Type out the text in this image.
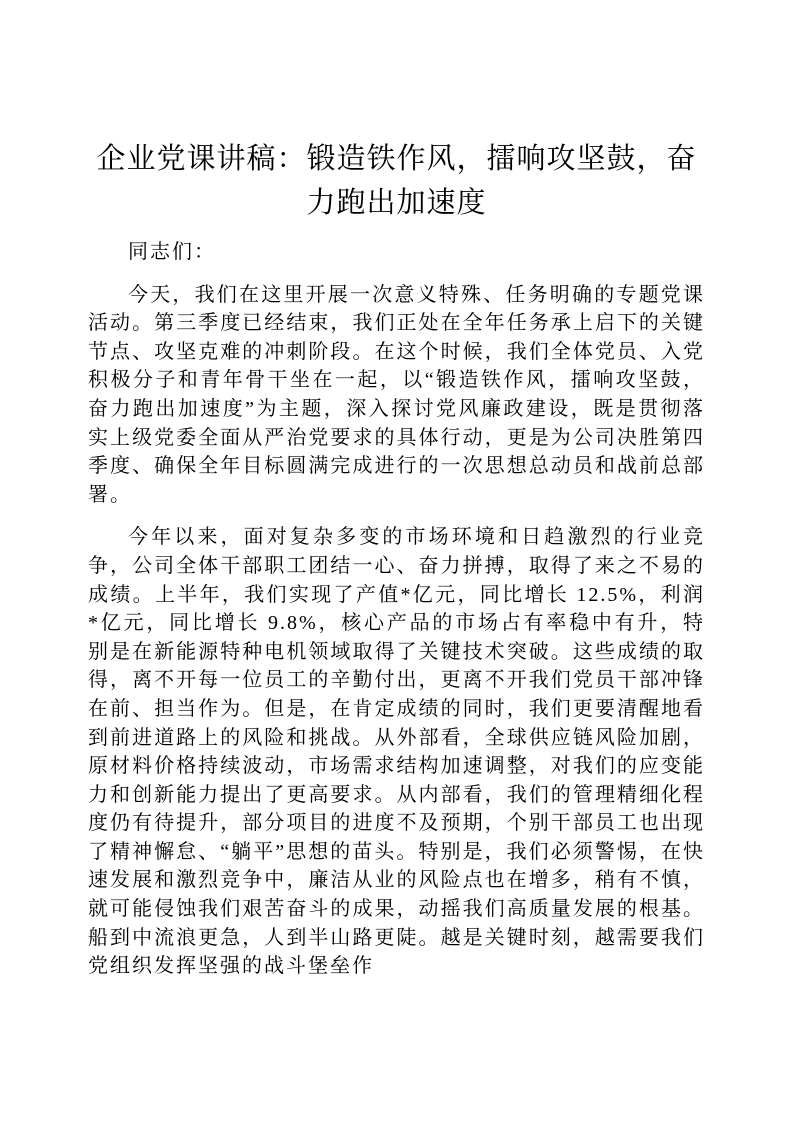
企业党课讲稿：锻造铁作风，擂响攻坚鼓，奋力跑出加速度

同志们：

今天，我们在这里开展一次意义特殊、任务明确的专题党课活动。第三季度已经结束，我们正处在全年任务承上启下的关键节点、攻坚克难的冲刺阶段。在这个时候，我们全体党员、入党积极分子和青年骨干坐在一起，以“锻造铁作风，擂响攻坚鼓，奋力跑出加速度”为主题，深入探讨党风廉政建设，既是贯彻落实上级党委全面从严治党要求的具体行动，更是为公司决胜第四季度、确保全年目标圆满完成进行的一次思想总动员和战前总部署。

今年以来，面对复杂多变的市场环境和日趋激烈的行业竞争，公司全体干部职工团结一心、奋力拼搏，取得了来之不易的成绩。上半年，我们实现了产值*亿元，同比增长 12.5%，利润*亿元，同比增长 9.8%，核心产品的市场占有率稳中有升，特别是在新能源特种电机领域取得了关键技术突破。这些成绩的取得，离不开每一位员工的辛勤付出，更离不开我们党员干部冲锋在前、担当作为。但是，在肯定成绩的同时，我们更要清醒地看到前进道路上的风险和挑战。从外部看，全球供应链风险加剧，原材料价格持续波动，市场需求结构加速调整，对我们的应变能力和创新能力提出了更高要求。从内部看，我们的管理精细化程度仍有待提升，部分项目的进度不及预期，个别干部员工也出现了精神懈怠、“躺平”思想的苗头。特别是，我们必须警惕，在快速发展和激烈竞争中，廉洁从业的风险点也在增多，稍有不慎，就可能侵蚀我们艰苦奋斗的成果，动摇我们高质量发展的根基。船到中流浪更急，人到半山路更陡。越是关键时刻，越需要我们党组织发挥坚强的战斗堡垒作
